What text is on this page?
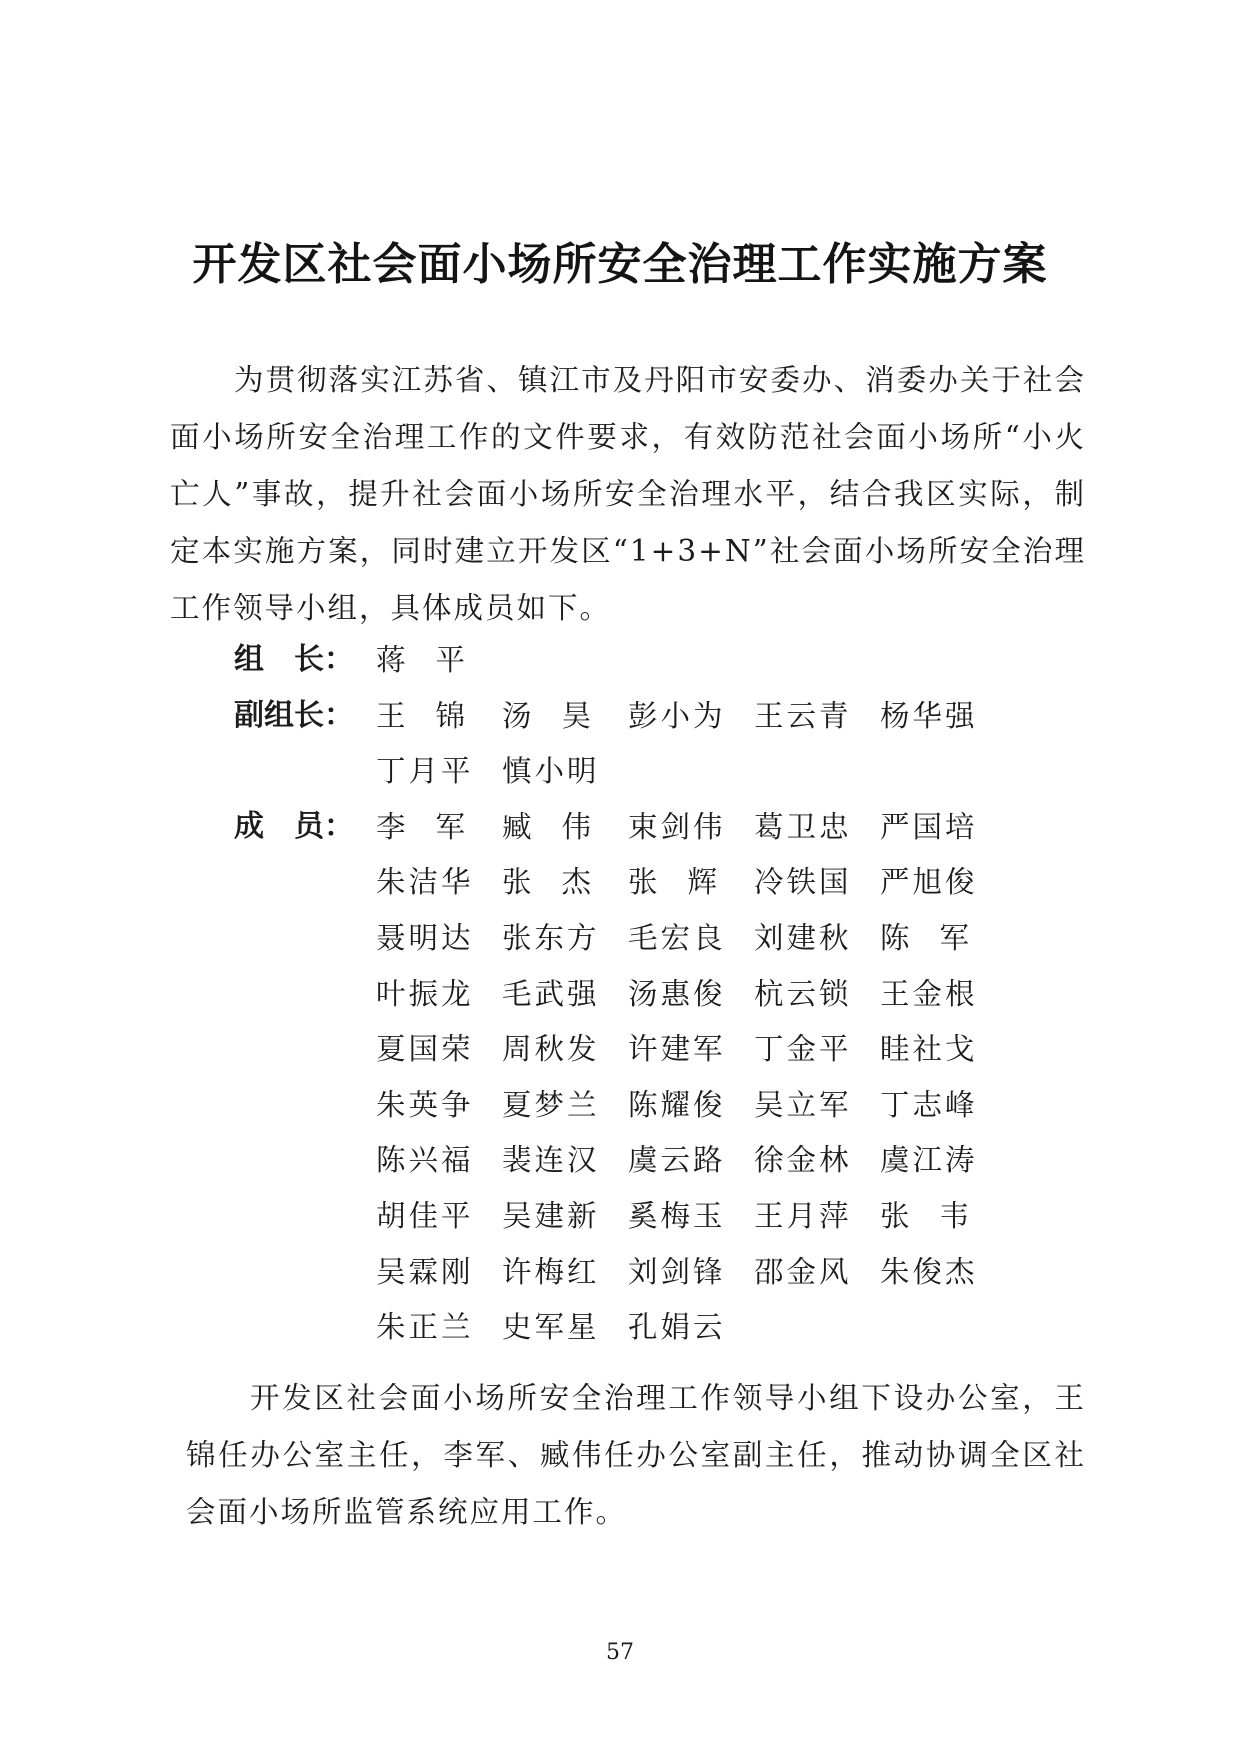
开发区社会面小场所安全治理工作实施方案
为贯彻落实江苏省、镇江市及丹阳市安委办、消委办关于社会面小场所安全治理工作的文件要求，有效防范社会面小场所“小火亡人”事故，提升社会面小场所安全治理水平，结合我区实际，制定本实施方案，同时建立开发区“1+3+N”社会面小场所安全治理工作领导小组，具体成员如下。
组 长 ： 蒋平
副组长 ： 王锦 汤昊 彭小为 王云青 杨华强
丁月平 慎小明
成 员 ： 李军 臧伟 束剑伟 葛卫忠 严国培
朱洁华 张杰 张辉 冷铁国 严旭俊
聂明达 张东方 毛宏良 刘建秋 陈军
叶振龙 毛武强 汤惠俊 杭云锁 王金根
夏国荣 周秋发 许建军 丁金平 眭社戈
朱英争 夏梦兰 陈耀俊 吴立军 丁志峰
陈兴福 裴连汉 虞云路 徐金林 虞江涛
胡佳平 吴建新 奚梅玉 王月萍 张韦
吴霖刚 许梅红 刘剑锋 邵金风 朱俊杰
朱正兰 史军星 孔娟云
开发区社会面小场所安全治理工作领导小组下设办公室，王锦任办公室主任，李军、臧伟任办公室副主任，推动协调全区社会面小场所监管系统应用工作。
57
